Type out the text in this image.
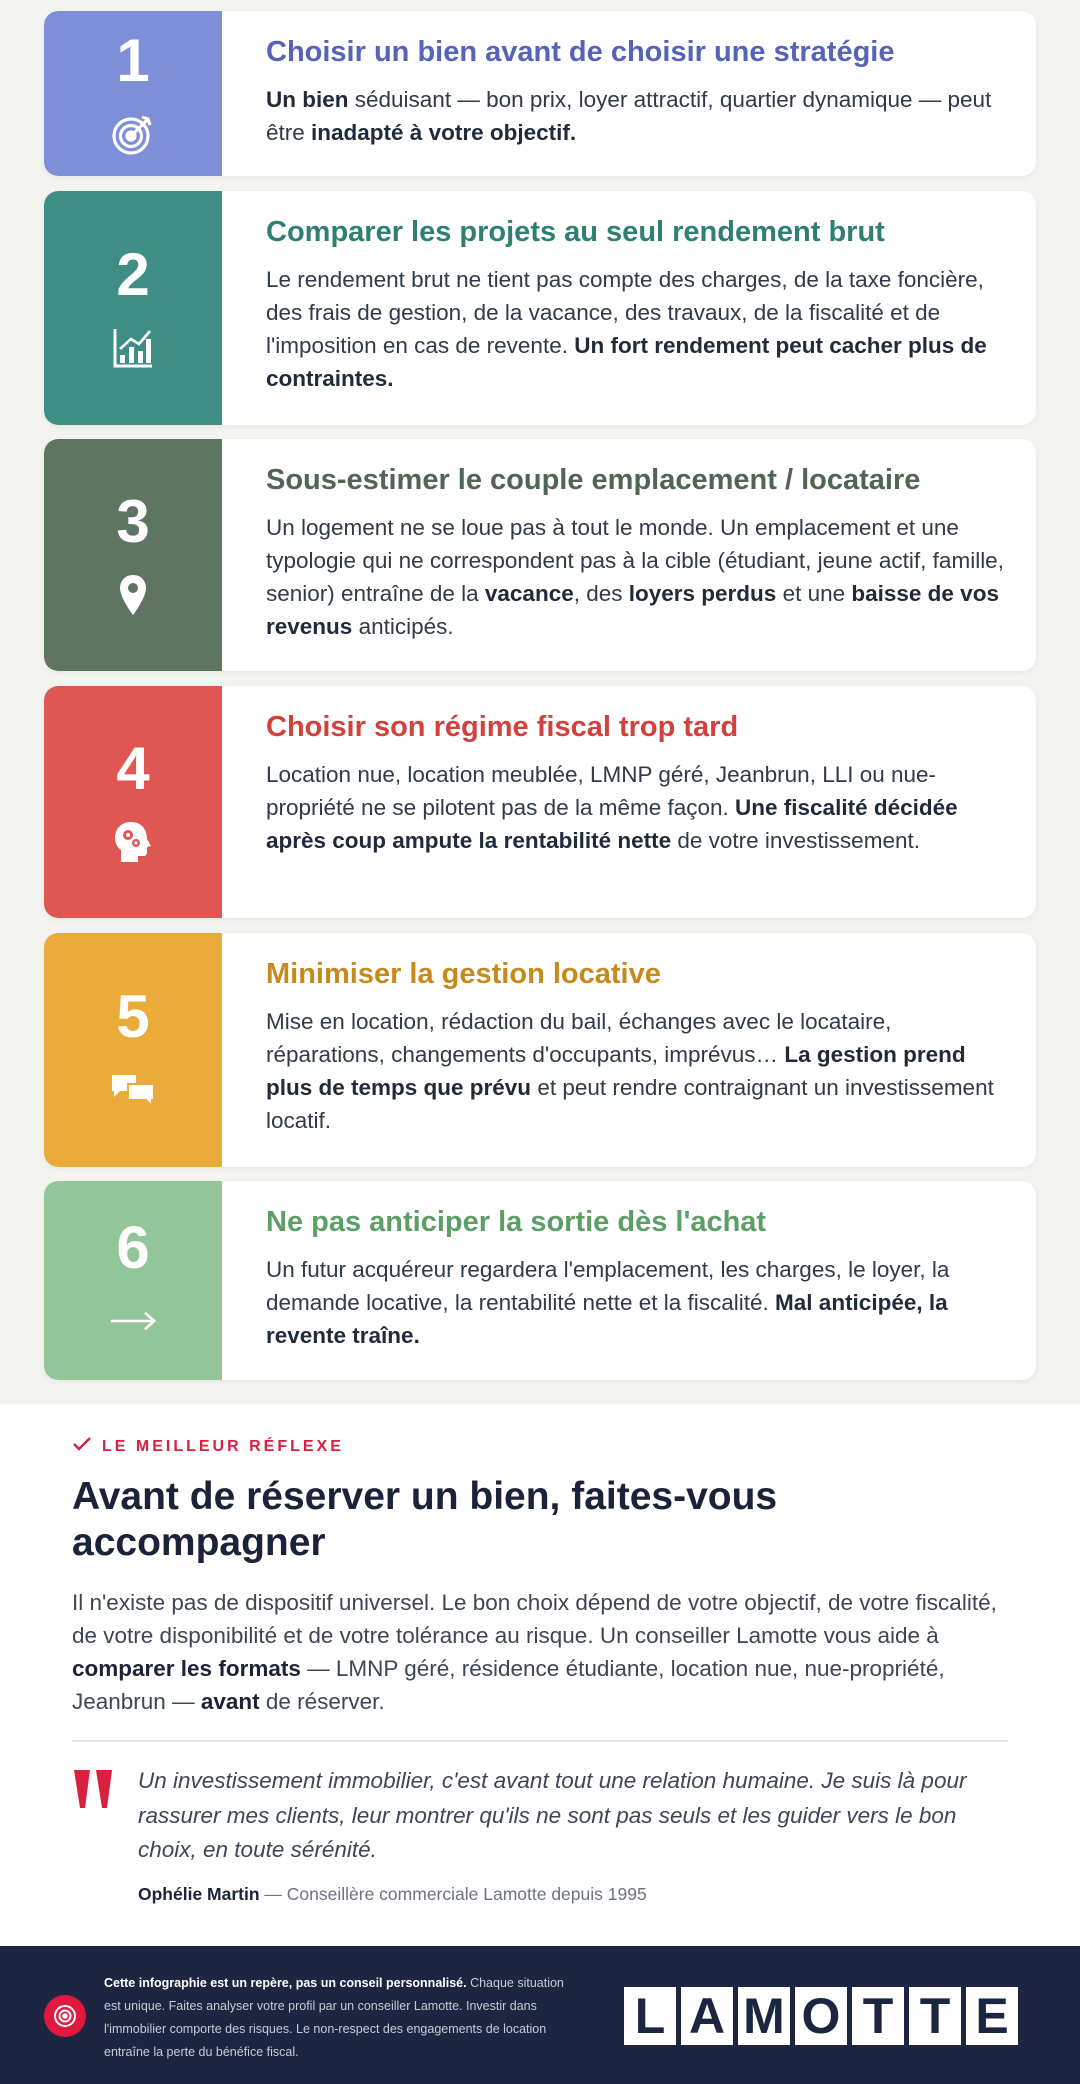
1	Choisir un bien avant de choisir une stratégie

Un bien séduisant — bon prix, loyer attractif, quartier dynamique — peut être inadapté à votre objectif.

2
Comparer les projets au seul rendement brut

Le rendement brut ne tient pas compte des charges, de la taxe foncière, des frais de gestion, de la vacance, des travaux, de la fiscalité et de l'imposition en cas de revente. Un fort rendement peut cacher plus de contraintes.

3
Sous-estimer le couple emplacement / locataire

Un logement ne se loue pas à tout le monde. Un emplacement et une typologie qui ne correspondent pas à la cible (étudiant, jeune actif, famille, senior) entraîne de la vacance, des loyers perdus et une baisse de vos revenus anticipés.

4
Choisir son régime fiscal trop tard

Location nue, location meublée, LMNP géré, Jeanbrun, LLI ou nue-propriété ne se pilotent pas de la même façon. Une fiscalité décidée après coup ampute la rentabilité nette de votre investissement.

5
Minimiser la gestion locative

Mise en location, rédaction du bail, échanges avec le locataire, réparations, changements d'occupants, imprévus… La gestion prend plus de temps que prévu et peut rendre contraignant un investissement locatif.

6	Ne pas anticiper la sortie dès l'achat

Un futur acquéreur regardera l'emplacement, les charges, le loyer, la demande locative, la rentabilité nette et la fiscalité. Mal anticipée, la revente traîne.

LE MEILLEUR RÉFLEXE
Avant de réserver un bien, faites-vous accompagner

Il n'existe pas de dispositif universel. Le bon choix dépend de votre objectif, de votre fiscalité, de votre disponibilité et de votre tolérance au risque. Un conseiller Lamotte vous aide à comparer les formats — LMNP géré, résidence étudiante, location nue, nue-propriété, Jeanbrun — avant de réserver.

Un investissement immobilier, c'est avant tout une relation humaine. Je suis là pour rassurer mes clients, leur montrer qu'ils ne sont pas seuls et les guider vers le bon choix, en toute sérénité.

Ophélie Martin — Conseillère commerciale Lamotte depuis 1995

Cette infographie est un repère, pas un conseil personnalisé. Chaque situation est unique. Faites analyser votre profil par un conseiller Lamotte. Investir dans l'immobilier comporte des risques. Le non-respect des engagements de location entraîne la perte du bénéfice fiscal.

L A M O T T E
